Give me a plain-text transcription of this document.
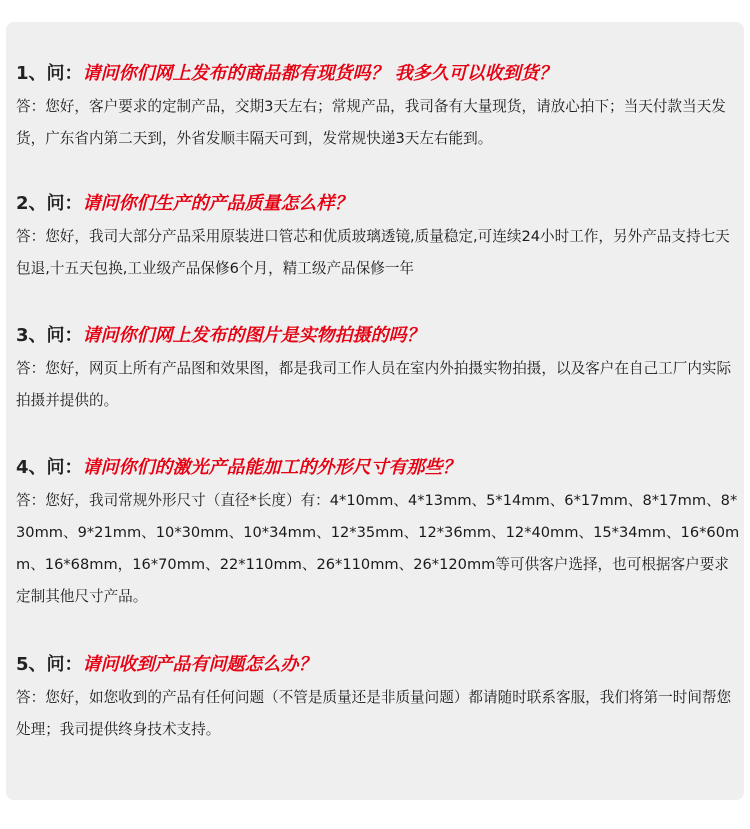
1、问：请问你们网上发布的商品都有现货吗？ 我多久可以收到货？

答：您好，客户要求的定制产品，交期3天左右；常规产品，我司备有大量现货，请放心拍下；当天付款当天发货，广东省内第二天到，外省发顺丰隔天可到，发常规快递3天左右能到。

2、问：请问你们生产的产品质量怎么样？

答：您好，我司大部分产品采用原装进口管芯和优质玻璃透镜,质量稳定,可连续24小时工作，另外产品支持七天包退,十五天包换,工业级产品保修6个月，精工级产品保修一年

3、问：请问你们网上发布的图片是实物拍摄的吗？

答：您好，网页上所有产品图和效果图，都是我司工作人员在室内外拍摄实物拍摄，以及客户在自己工厂内实际拍摄并提供的。

4、问：请问你们的激光产品能加工的外形尺寸有那些？

答：您好，我司常规外形尺寸（直径*长度）有：4*10mm、4*13mm、5*14mm、6*17mm、8*17mm、8*30mm、9*21mm、10*30mm、10*34mm、12*35mm、12*36mm、12*40mm、15*34mm、16*60mm、16*68mm，16*70mm、22*110mm、26*110mm、26*120mm等可供客户选择，也可根据客户要求定制其他尺寸产品。

5、问：请问收到产品有问题怎么办？

答：您好，如您收到的产品有任何问题（不管是质量还是非质量问题）都请随时联系客服，我们将第一时间帮您处理；我司提供终身技术支持。
